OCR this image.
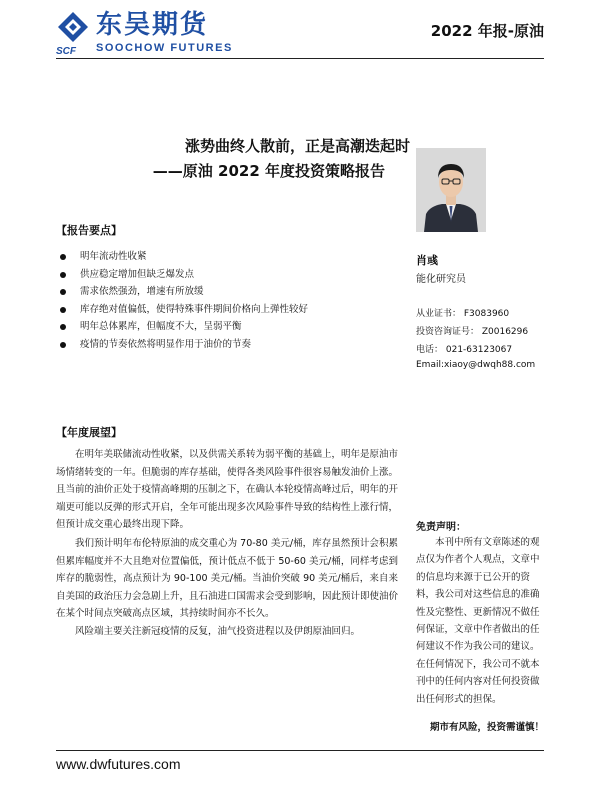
东吴期货
SOOCHOW FUTURES
SCF
2022 年报-原油
涨势曲终人散前，正是高潮迭起时
——原油 2022 年度投资策略报告
肖彧
能化研究员
从业证书： F3083960
投资咨询证号： Z0016296
电话： 021-63123067
Email:xiaoy@dwqh88.com
【报告要点】
明年流动性收紧
供应稳定增加但缺乏爆发点
需求依然强劲，增速有所放缓
库存绝对值偏低，使得特殊事件期间价格向上弹性较好
明年总体累库，但幅度不大，呈弱平衡
疫情的节奏依然将明显作用于油价的节奏
【年度展望】

在明年美联储流动性收紧，以及供需关系转为弱平衡的基础上，明年是原油市场情绪转变的一年。但脆弱的库存基础，使得各类风险事件很容易触发油价上涨。且当前的油价正处于疫情高峰期的压制之下，在确认本轮疫情高峰过后，明年的开端更可能以反弹的形式开启，全年可能出现多次风险事件导致的结构性上涨行情，但预计成交重心最终出现下降。

我们预计明年布伦特原油的成交重心为 70-80 美元/桶，库存虽然预计会积累但累库幅度并不大且绝对位置偏低，预计低点不低于 50-60 美元/桶，同样考虑到库存的脆弱性，高点预计为 90-100 美元/桶。当油价突破 90 美元/桶后，来自来自美国的政治压力会急剧上升，且石油进口国需求会受到影响，因此预计即使油价在某个时间点突破高点区域，其持续时间亦不长久。

风险端主要关注新冠疫情的反复，油气投资进程以及伊朗原油回归。

免责声明：

本刊中所有文章陈述的观点仅为作者个人观点，文章中的信息均来源于已公开的资料，我公司对这些信息的准确性及完整性、更新情况不做任何保证，文章中作者做出的任何建议不作为我公司的建议。在任何情况下，我公司不就本刊中的任何内容对任何投资做出任何形式的担保。

期市有风险，投资需谨慎！
www.dwfutures.com
